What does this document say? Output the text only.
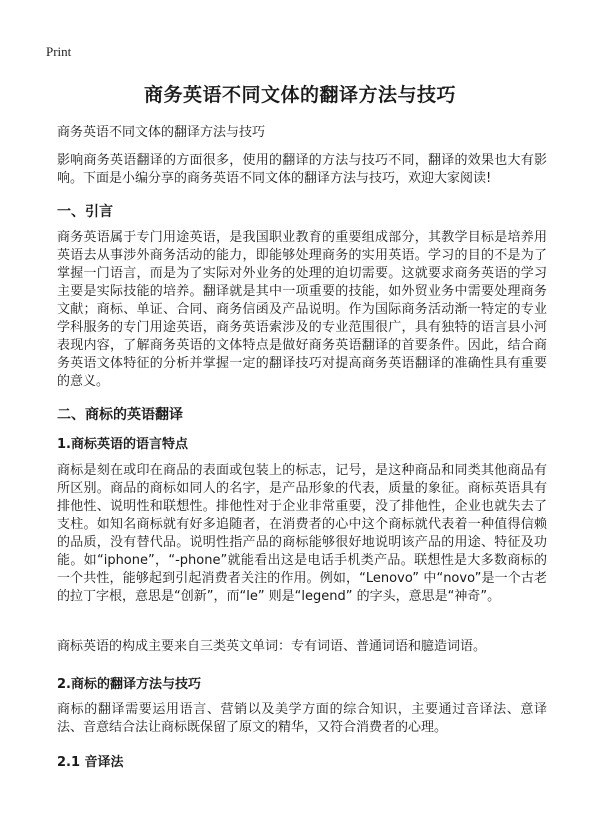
Print
商务英语不同文体的翻译方法与技巧

商务英语不同文体的翻译方法与技巧

影响商务英语翻译的方面很多，使用的翻译的方法与技巧不同，翻译的效果也大有影响。下面是小编分享的商务英语不同文体的翻译方法与技巧，欢迎大家阅读!

一、引言

商务英语属于专门用途英语，是我国职业教育的重要组成部分，其教学目标是培养用英语去从事涉外商务活动的能力，即能够处理商务的实用英语。学习的目的不是为了掌握一门语言，而是为了实际对外业务的处理的迫切需要。这就要求商务英语的学习主要是实际技能的培养。翻译就是其中一项重要的技能，如外贸业务中需要处理商务文献；商标、单证、合同、商务信函及产品说明。作为国际商务活动渐一特定的专业学科服务的专门用途英语，商务英语索涉及的专业范围很广，具有独特的语言县小河表现内容，了解商务英语的文体特点是做好商务英语翻译的首要条件。因此，结合商务英语文体特征的分析并掌握一定的翻译技巧对提高商务英语翻译的准确性具有重要的意义。

二、商标的英语翻译
1.商标英语的语言特点

商标是刻在或印在商品的表面或包装上的标志，记号，是这种商品和同类其他商品有所区别。商品的商标如同人的名字，是产品形象的代表，质量的象征。商标英语具有排他性、说明性和联想性。排他性对于企业非常重要，没了排他性，企业也就失去了支柱。如知名商标就有好多追随者，在消费者的心中这个商标就代表着一种值得信赖的品质，没有替代品。说明性指产品的商标能够很好地说明该产品的用途、特征及功能。如“iphone”，“-phone”就能看出这是电话手机类产品。联想性是大多数商标的一个共性，能够起到引起消费者关注的作用。例如，“Lenovo” 中“novo”是一个古老的拉丁字根，意思是“创新”，而“le” 则是“legend” 的字头，意思是“神奇”。

商标英语的构成主要来自三类英文单词：专有词语、普通词语和臆造词语。

2.商标的翻译方法与技巧

商标的翻译需要运用语言、营销以及美学方面的综合知识，主要通过音译法、意译法、音意结合法让商标既保留了原文的精华，又符合消费者的心理。

2.1 音译法
